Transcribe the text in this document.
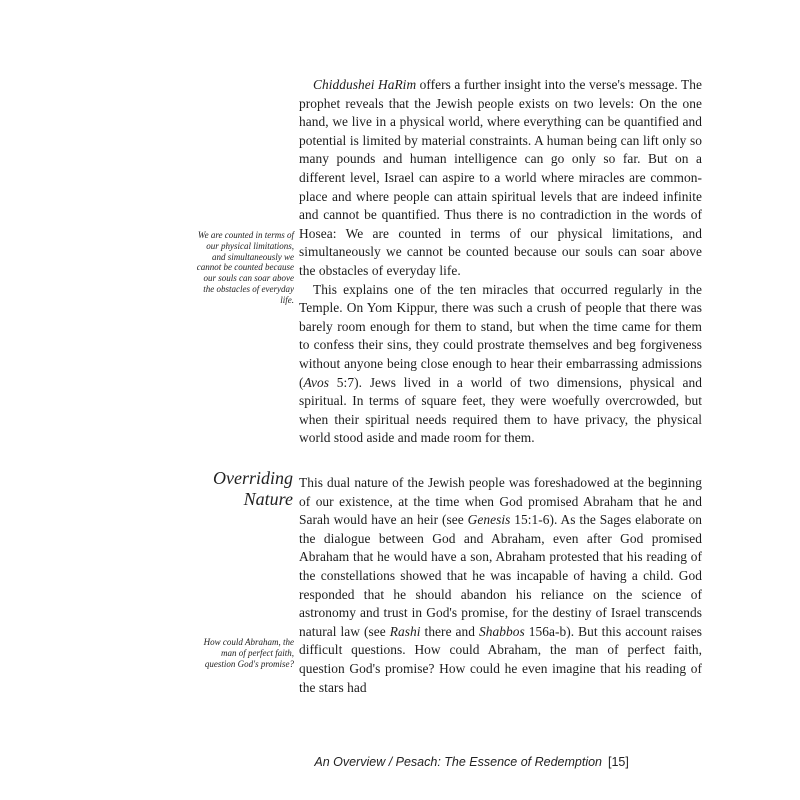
Chiddushei HaRim offers a further insight into the verse's message. The prophet reveals that the Jewish people exists on two levels: On the one hand, we live in a physical world, where everything can be quantified and potential is limited by material constraints. A human being can lift only so many pounds and human intelligence can go only so far. But on a different level, Israel can aspire to a world where miracles are common-place and where people can attain spiritual levels that are indeed infinite and cannot be quantified. Thus there is no contradiction in the words of Hosea: We are counted in terms of our physical limitations, and simultaneously we cannot be counted because our souls can soar above the obstacles of everyday life.

This explains one of the ten miracles that occurred regularly in the Temple. On Yom Kippur, there was such a crush of people that there was barely room enough for them to stand, but when the time came for them to confess their sins, they could prostrate themselves and beg forgiveness without anyone being close enough to hear their embarrassing admissions (Avos 5:7). Jews lived in a world of two dimensions, physical and spiritual. In terms of square feet, they were woefully overcrowded, but when their spiritual needs required them to have privacy, the physical world stood aside and made room for them.

We are counted in terms of our physical limitations, and simultaneously we cannot be counted because our souls can soar above the obstacles of everyday life.
Overriding
Nature

This dual nature of the Jewish people was foreshadowed at the beginning of our existence, at the time when God promised Abraham that he and Sarah would have an heir (see Genesis 15:1-6). As the Sages elaborate on the dialogue between God and Abraham, even after God promised Abraham that he would have a son, Abraham protested that his reading of the constellations showed that he was incapable of having a child. God responded that he should abandon his reliance on the science of astronomy and trust in God's promise, for the destiny of Israel transcends natural law (see Rashi there and Shabbos 156a-b). But this account raises difficult questions. How could Abraham, the man of perfect faith, question God's promise? How could he even imagine that his reading of the stars had

How could Abraham, the man of perfect faith, question God's promise?
An Overview / Pesach: The Essence of Redemption [15]
